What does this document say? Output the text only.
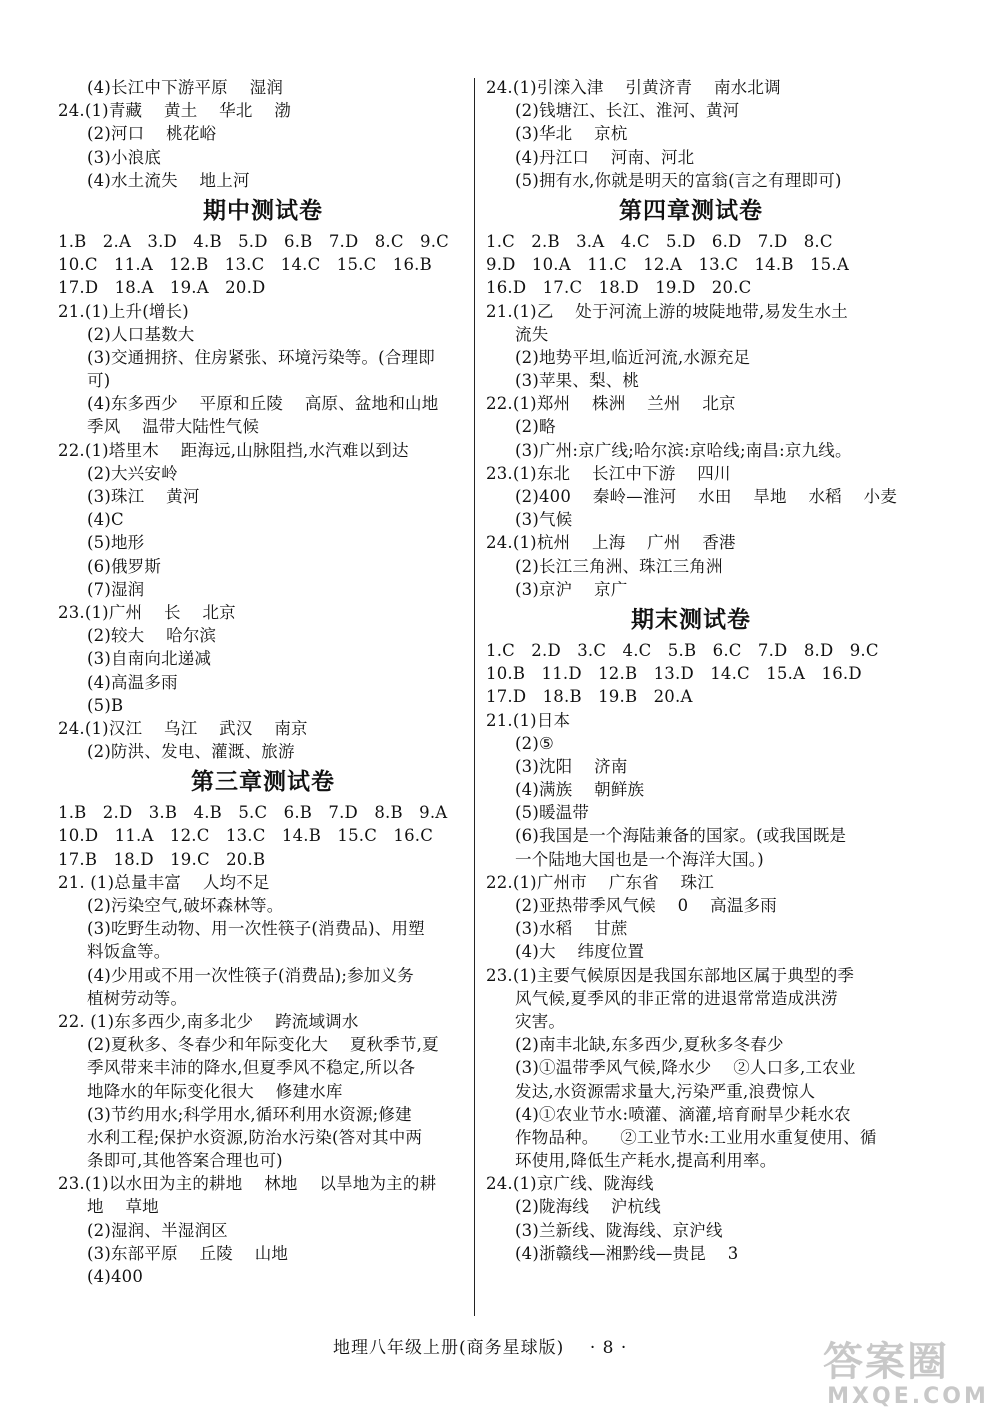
(4)长江中下游平原    湿润
24.(1)青藏    黄土    华北    渤
(2)河口    桃花峪
(3)小浪底
(4)水土流失    地上河
期中测试卷
1.B   2.A   3.D   4.B   5.D   6.B   7.D   8.C   9.C
10.C   11.A   12.B   13.C   14.C   15.C   16.B
17.D   18.A   19.A   20.D
21.(1)上升(增长)
(2)人口基数大
(3)交通拥挤、住房紧张、环境污染等。(合理即
可)
(4)东多西少    平原和丘陵    高原、盆地和山地
季风    温带大陆性气候
22.(1)塔里木    距海远,山脉阻挡,水汽难以到达
(2)大兴安岭
(3)珠江    黄河
(4)C
(5)地形
(6)俄罗斯
(7)湿润
23.(1)广州    长    北京
(2)较大    哈尔滨
(3)自南向北递减
(4)高温多雨
(5)B
24.(1)汉江    乌江    武汉    南京
(2)防洪、发电、灌溉、旅游
第三章测试卷
1.B   2.D   3.B   4.B   5.C   6.B   7.D   8.B   9.A
10.D   11.A   12.C   13.C   14.B   15.C   16.C
17.B   18.D   19.C   20.B
21. (1)总量丰富    人均不足
(2)污染空气,破坏森林等。
(3)吃野生动物、用一次性筷子(消费品)、用塑
料饭盒等。
(4)少用或不用一次性筷子(消费品);参加义务
植树劳动等。
22. (1)东多西少,南多北少    跨流域调水
(2)夏秋多、冬春少和年际变化大    夏秋季节,夏
季风带来丰沛的降水,但夏季风不稳定,所以各
地降水的年际变化很大    修建水库
(3)节约用水;科学用水,循环利用水资源;修建
水利工程;保护水资源,防治水污染(答对其中两
条即可,其他答案合理也可)
23.(1)以水田为主的耕地    林地    以旱地为主的耕
地    草地
(2)湿润、半湿润区
(3)东部平原    丘陵    山地
(4)400
24.(1)引滦入津    引黄济青    南水北调
(2)钱塘江、长江、淮河、黄河
(3)华北    京杭
(4)丹江口    河南、河北
(5)拥有水,你就是明天的富翁(言之有理即可)
第四章测试卷
1.C   2.B   3.A   4.C   5.D   6.D   7.D   8.C
9.D   10.A   11.C   12.A   13.C   14.B   15.A
16.D   17.C   18.D   19.D   20.C
21.(1)乙    处于河流上游的坡陡地带,易发生水土
流失
(2)地势平坦,临近河流,水源充足
(3)苹果、梨、桃
22.(1)郑州    株洲    兰州    北京
(2)略
(3)广州:京广线;哈尔滨:京哈线;南昌:京九线。
23.(1)东北    长江中下游    四川
(2)400    秦岭—淮河    水田    旱地    水稻    小麦
(3)气候
24.(1)杭州    上海    广州    香港
(2)长江三角洲、珠江三角洲
(3)京沪    京广
期末测试卷
1.C   2.D   3.C   4.C   5.B   6.C   7.D   8.D   9.C
10.B   11.D   12.B   13.D   14.C   15.A   16.D
17.D   18.B   19.B   20.A
21.(1)日本
(2)⑤
(3)沈阳    济南
(4)满族    朝鲜族
(5)暖温带
(6)我国是一个海陆兼备的国家。(或我国既是
一个陆地大国也是一个海洋大国。)
22.(1)广州市    广东省    珠江
(2)亚热带季风气候    0    高温多雨
(3)水稻    甘蔗
(4)大    纬度位置
23.(1)主要气候原因是我国东部地区属于典型的季
风气候,夏季风的非正常的进退常常造成洪涝
灾害。
(2)南丰北缺,东多西少,夏秋多冬春少
(3)①温带季风气候,降水少    ②人口多,工农业
发达,水资源需求量大,污染严重,浪费惊人
(4)①农业节水:喷灌、滴灌,培育耐旱少耗水农
作物品种。    ②工业节水:工业用水重复使用、循
环使用,降低生产耗水,提高利用率。
24.(1)京广线、陇海线
(2)陇海线    沪杭线
(3)兰新线、陇海线、京沪线
(4)浙赣线—湘黔线—贵昆    3
地理八年级上册(商务星球版)    · 8 ·	答案圈
MXQE.COM
